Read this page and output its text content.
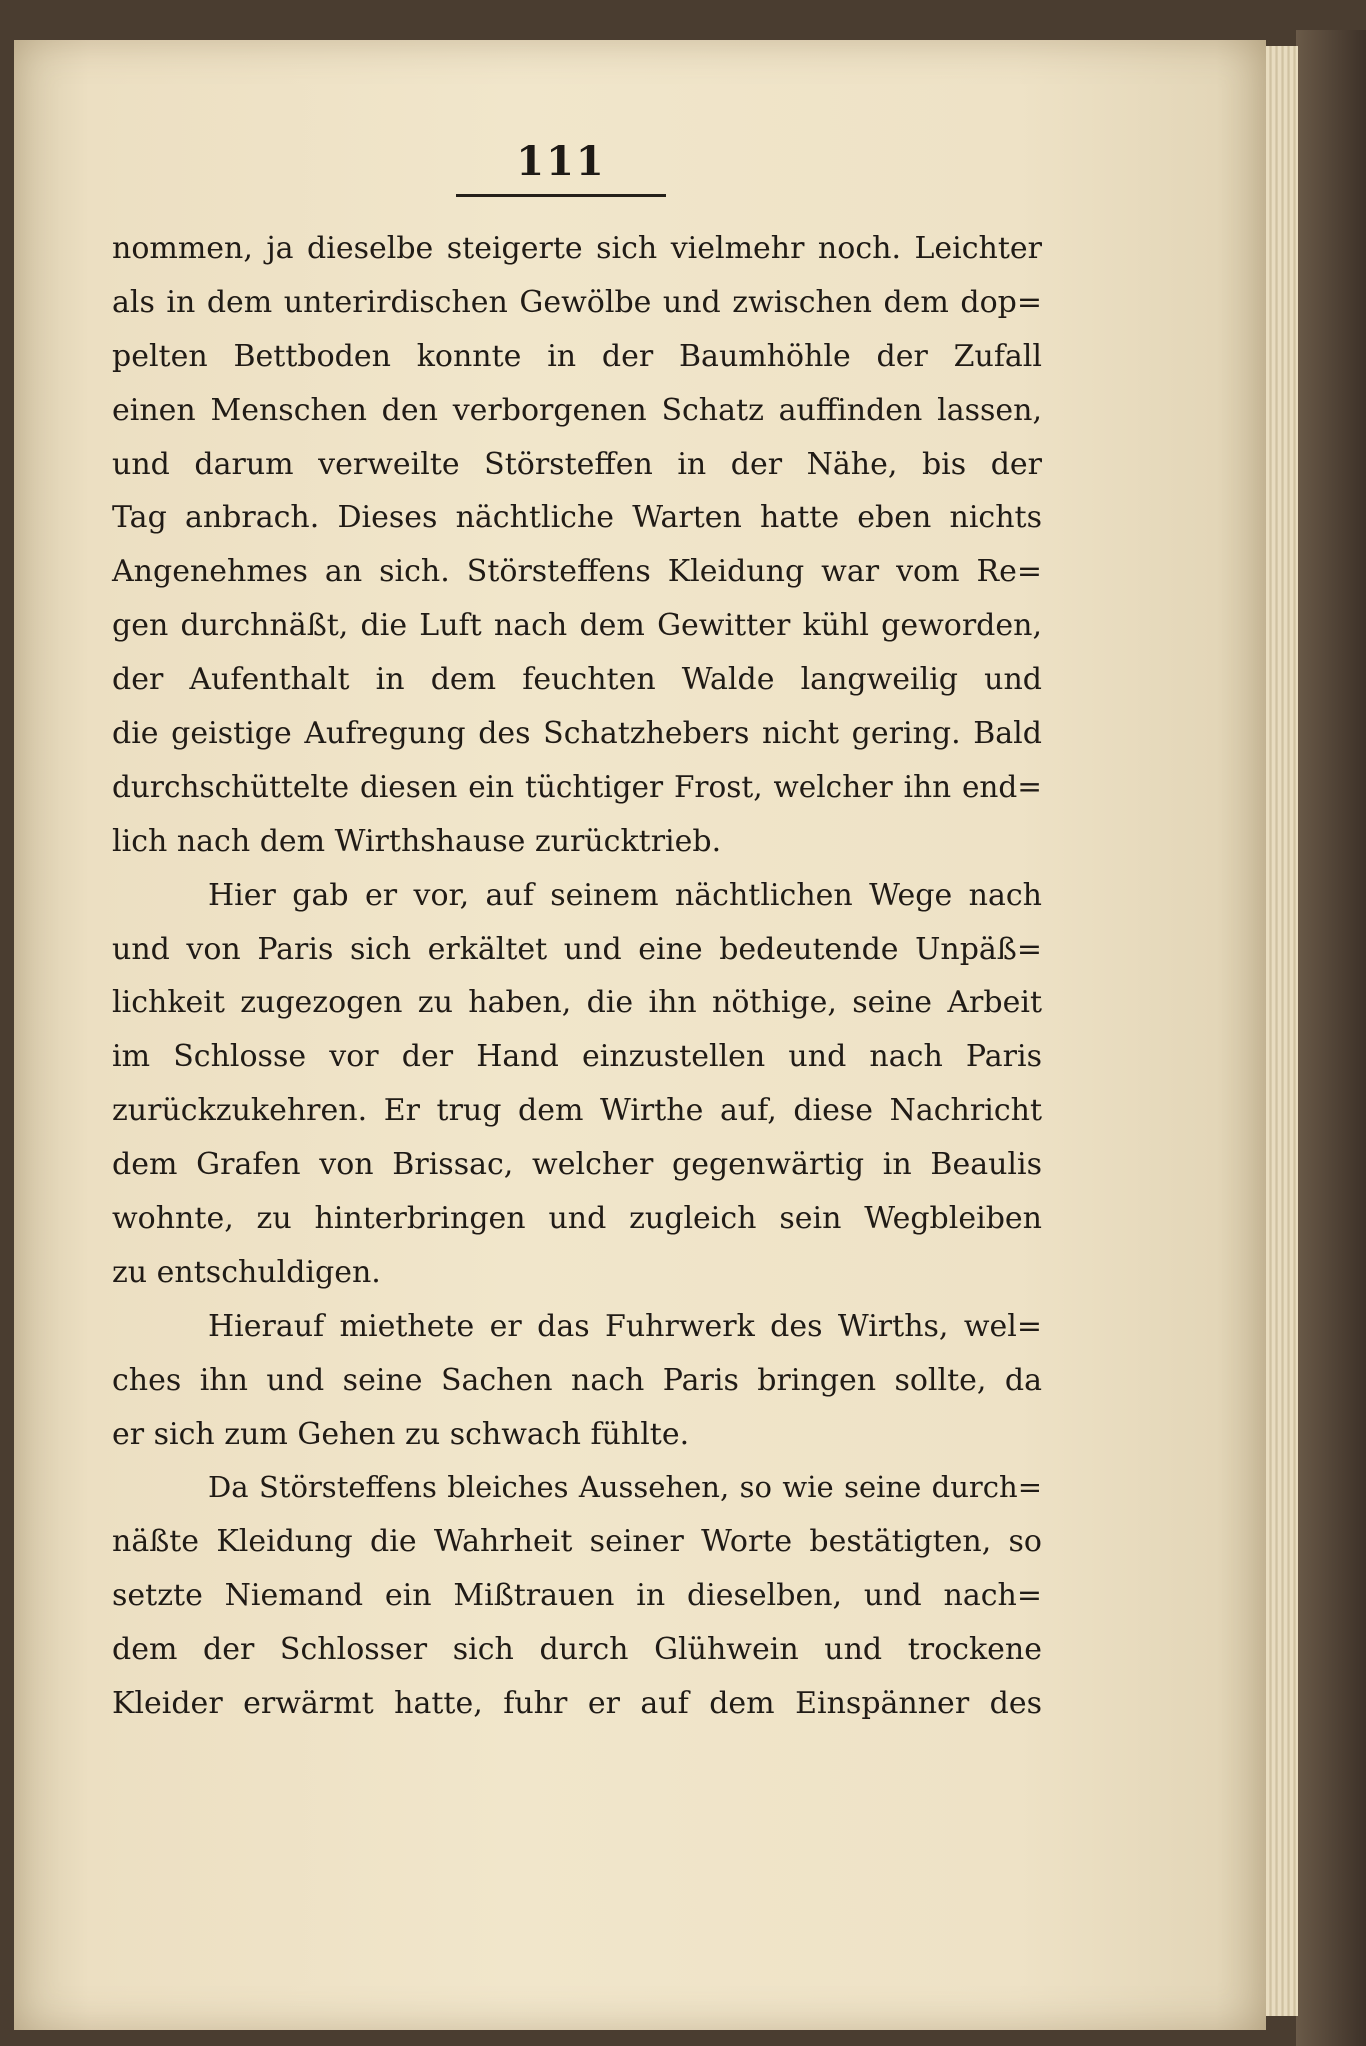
111
nommen, ja dieselbe steigerte sich vielmehr noch. Leichter
als in dem unterirdischen Gewölbe und zwischen dem dop=
pelten Bettboden konnte in der Baumhöhle der Zufall
einen Menschen den verborgenen Schatz auffinden lassen,
und darum verweilte Störsteffen in der Nähe, bis der
Tag anbrach. Dieses nächtliche Warten hatte eben nichts
Angenehmes an sich. Störsteffens Kleidung war vom Re=
gen durchnäßt, die Luft nach dem Gewitter kühl geworden,
der Aufenthalt in dem feuchten Walde langweilig und
die geistige Aufregung des Schatzhebers nicht gering. Bald
durchschüttelte diesen ein tüchtiger Frost, welcher ihn end=
lich nach dem Wirthshause zurücktrieb.
Hier gab er vor, auf seinem nächtlichen Wege nach
und von Paris sich erkältet und eine bedeutende Unpäß=
lichkeit zugezogen zu haben, die ihn nöthige, seine Arbeit
im Schlosse vor der Hand einzustellen und nach Paris
zurückzukehren. Er trug dem Wirthe auf, diese Nachricht
dem Grafen von Brissac, welcher gegenwärtig in Beaulis
wohnte, zu hinterbringen und zugleich sein Wegbleiben
zu entschuldigen.
Hierauf miethete er das Fuhrwerk des Wirths, wel=
ches ihn und seine Sachen nach Paris bringen sollte, da
er sich zum Gehen zu schwach fühlte.
Da Störsteffens bleiches Aussehen, so wie seine durch=
näßte Kleidung die Wahrheit seiner Worte bestätigten, so
setzte Niemand ein Mißtrauen in dieselben, und nach=
dem der Schlosser sich durch Glühwein und trockene
Kleider erwärmt hatte, fuhr er auf dem Einspänner des
